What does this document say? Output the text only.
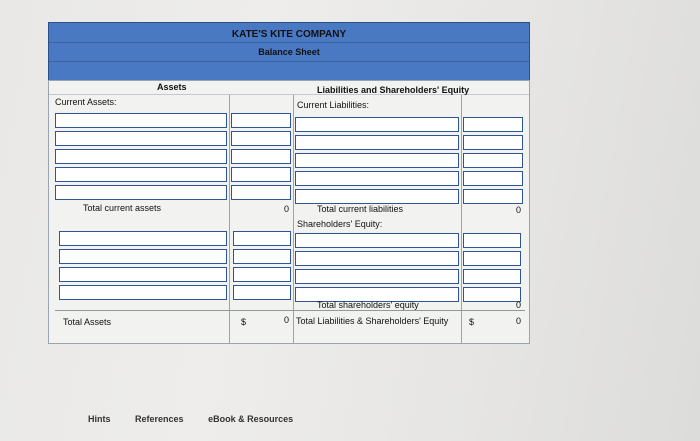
KATE'S KITE COMPANY
Balance Sheet
Assets	Liabilities and Shareholders' Equity
Current Assets:	Current Liabilities:
Total current assets	0	Total current liabilities	0
Shareholders' Equity:
Total shareholders' equity	0
Total Assets	$	0 Total Liabilities & Shareholders' Equity $	0
Hints	References	eBook & Resources
